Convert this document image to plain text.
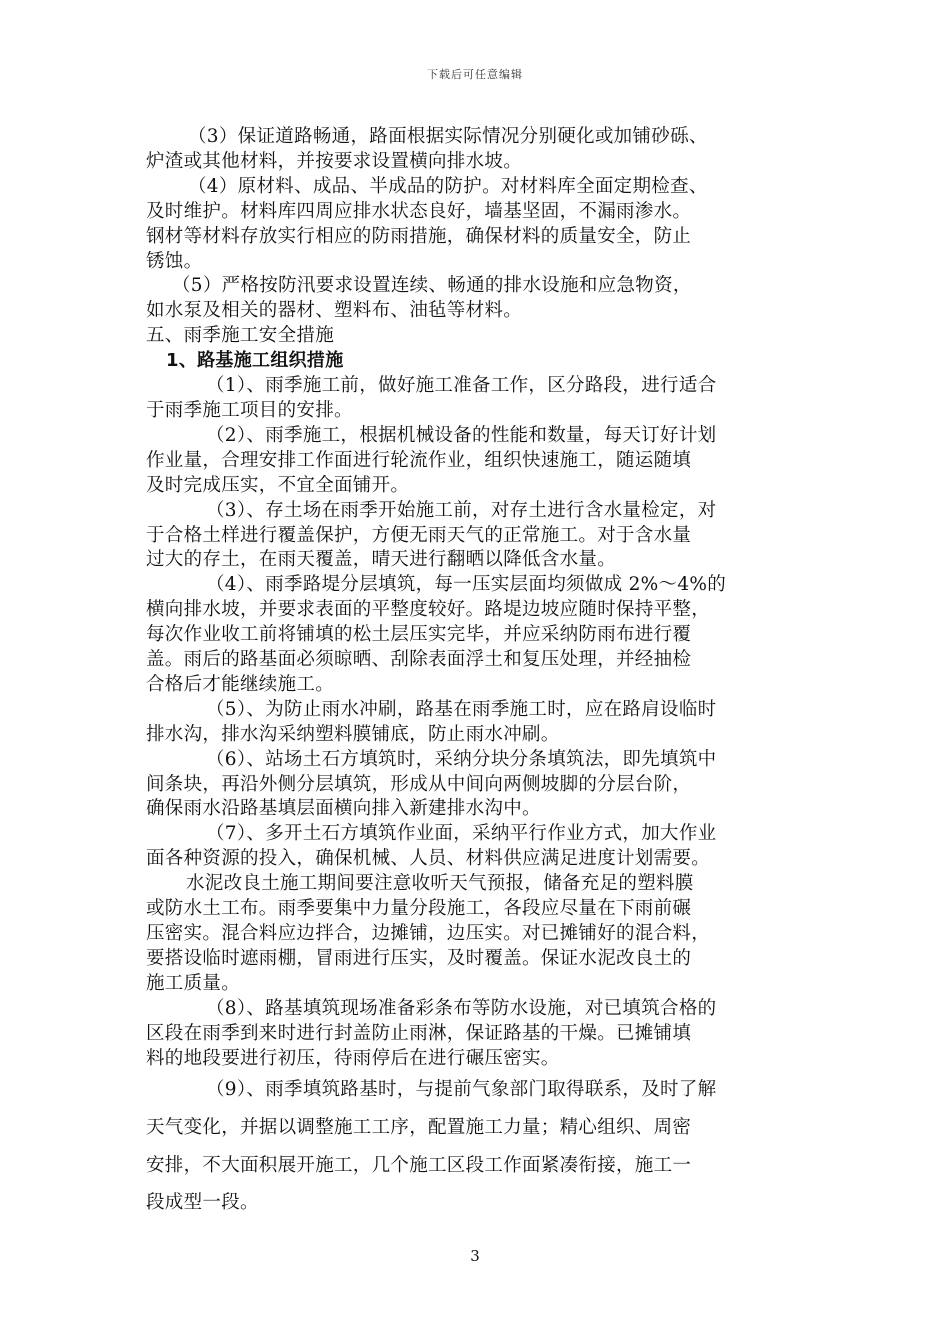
下载后可任意编辑

（3）保证道路畅通，路面根据实际情况分别硬化或加铺砂砾、

炉渣或其他材料，并按要求设置横向排水坡。

（4）原材料、成品、半成品的防护。对材料库全面定期检查、

及时维护。材料库四周应排水状态良好，墙基坚固，不漏雨渗水。

钢材等材料存放实行相应的防雨措施，确保材料的质量安全，防止

锈蚀。

（5）严格按防汛要求设置连续、畅通的排水设施和应急物资，

如水泵及相关的器材、塑料布、油毡等材料。

五、雨季施工安全措施

1、路基施工组织措施

（1）、雨季施工前，做好施工准备工作，区分路段，进行适合

于雨季施工项目的安排。

（2）、雨季施工，根据机械设备的性能和数量，每天订好计划

作业量，合理安排工作面进行轮流作业，组织快速施工，随运随填

及时完成压实，不宜全面铺开。

（3）、存土场在雨季开始施工前，对存土进行含水量检定，对

于合格土样进行覆盖保护，方便无雨天气的正常施工。对于含水量

过大的存土，在雨天覆盖，晴天进行翻晒以降低含水量。

（4）、雨季路堤分层填筑，每一压实层面均须做成 2%～4%的

横向排水坡，并要求表面的平整度较好。路堤边坡应随时保持平整，

每次作业收工前将铺填的松土层压实完毕，并应采纳防雨布进行覆

盖。雨后的路基面必须晾晒、刮除表面浮土和复压处理，并经抽检

合格后才能继续施工。

（5）、为防止雨水冲刷，路基在雨季施工时，应在路肩设临时

排水沟，排水沟采纳塑料膜铺底，防止雨水冲刷。

（6）、站场土石方填筑时，采纳分块分条填筑法，即先填筑中

间条块，再沿外侧分层填筑，形成从中间向两侧坡脚的分层台阶，

确保雨水沿路基填层面横向排入新建排水沟中。

（7）、多开土石方填筑作业面，采纳平行作业方式，加大作业

面各种资源的投入，确保机械、人员、材料供应满足进度计划需要。

水泥改良土施工期间要注意收听天气预报，储备充足的塑料膜

或防水土工布。雨季要集中力量分段施工，各段应尽量在下雨前碾

压密实。混合料应边拌合，边摊铺，边压实。对已摊铺好的混合料，

要搭设临时遮雨棚，冒雨进行压实，及时覆盖。保证水泥改良土的

施工质量。

（8）、路基填筑现场准备彩条布等防水设施，对已填筑合格的

区段在雨季到来时进行封盖防止雨淋，保证路基的干燥。已摊铺填

料的地段要进行初压，待雨停后在进行碾压密实。

（9）、雨季填筑路基时，与提前气象部门取得联系，及时了解

天气变化，并据以调整施工工序，配置施工力量；精心组织、周密

安排，不大面积展开施工，几个施工区段工作面紧凑衔接，施工一

段成型一段。

3
